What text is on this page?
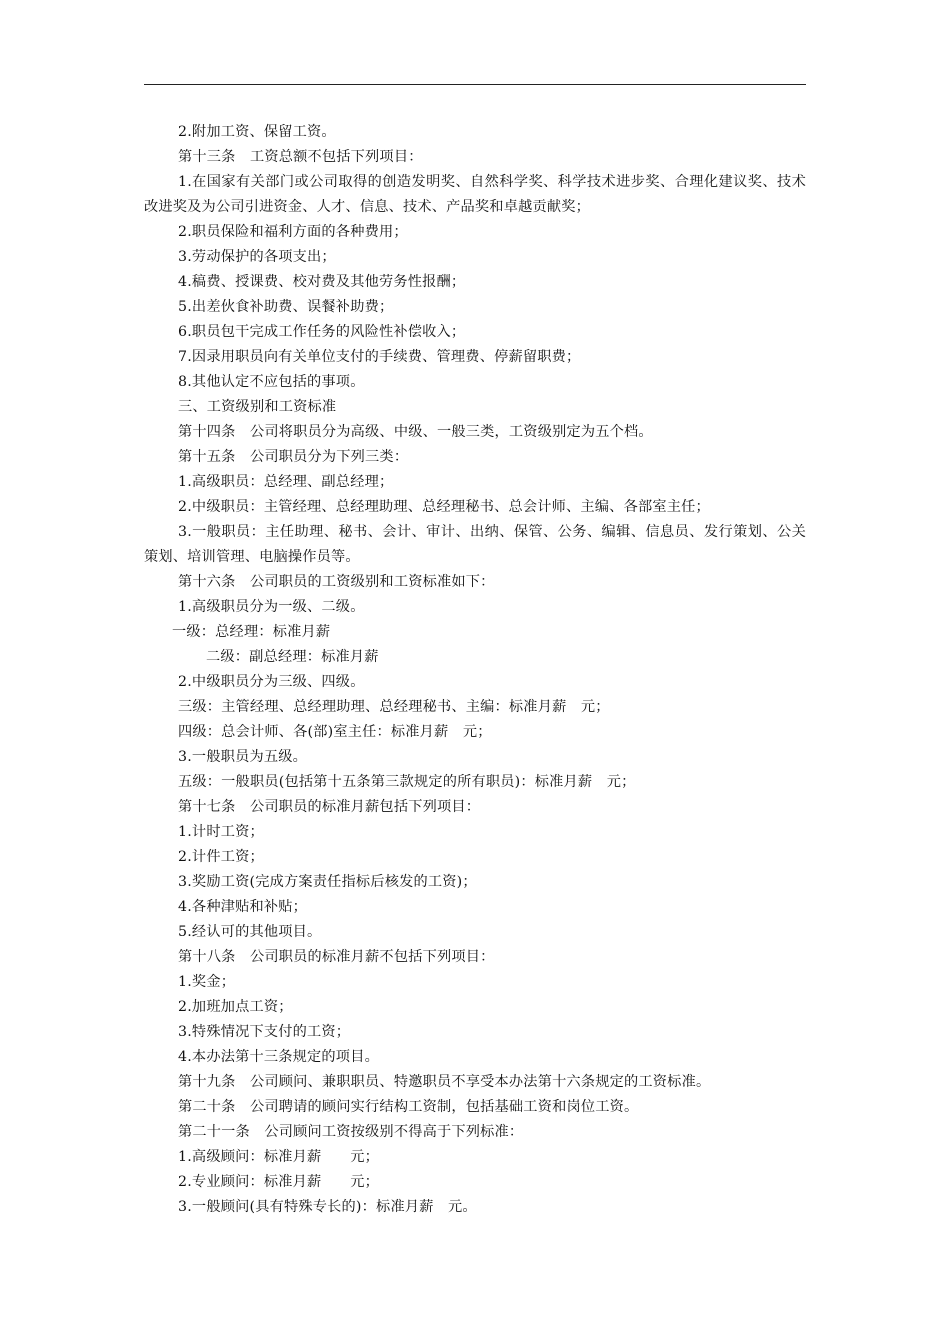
2.附加工资、保留工资。
第十三条　工资总额不包括下列项目：
1.在国家有关部门或公司取得的创造发明奖、自然科学奖、科学技术进步奖、合理化建议奖、技术改进奖及为公司引进资金、人才、信息、技术、产品奖和卓越贡献奖；
2.职员保险和福利方面的各种费用；
3.劳动保护的各项支出；
4.稿费、授课费、校对费及其他劳务性报酬；
5.出差伙食补助费、误餐补助费；
6.职员包干完成工作任务的风险性补偿收入；
7.因录用职员向有关单位支付的手续费、管理费、停薪留职费；
8.其他认定不应包括的事项。
三、工资级别和工资标准
第十四条　公司将职员分为高级、中级、一般三类，工资级别定为五个档。
第十五条　公司职员分为下列三类：
1.高级职员：总经理、副总经理；
2.中级职员：主管经理、总经理助理、总经理秘书、总会计师、主编、各部室主任；
3.一般职员：主任助理、秘书、会计、审计、出纳、保管、公务、编辑、信息员、发行策划、公关策划、培训管理、电脑操作员等。
第十六条　公司职员的工资级别和工资标准如下：
1.高级职员分为一级、二级。
一级：总经理：标准月薪
二级：副总经理：标准月薪
2.中级职员分为三级、四级。
三级：主管经理、总经理助理、总经理秘书、主编：标准月薪　元；
四级：总会计师、各(部)室主任：标准月薪　元；
3.一般职员为五级。
五级：一般职员(包括第十五条第三款规定的所有职员)：标准月薪　元；
第十七条　公司职员的标准月薪包括下列项目：
1.计时工资；
2.计件工资；
3.奖励工资(完成方案责任指标后核发的工资)；
4.各种津贴和补贴；
5.经认可的其他项目。
第十八条　公司职员的标准月薪不包括下列项目：
1.奖金；
2.加班加点工资；
3.特殊情况下支付的工资；
4.本办法第十三条规定的项目。
第十九条　公司顾问、兼职职员、特邀职员不享受本办法第十六条规定的工资标准。
第二十条　公司聘请的顾问实行结构工资制，包括基础工资和岗位工资。
第二十一条　公司顾问工资按级别不得高于下列标准：
1.高级顾问：标准月薪　　元；
2.专业顾问：标准月薪　　元；
3.一般顾问(具有特殊专长的)：标准月薪　元。
